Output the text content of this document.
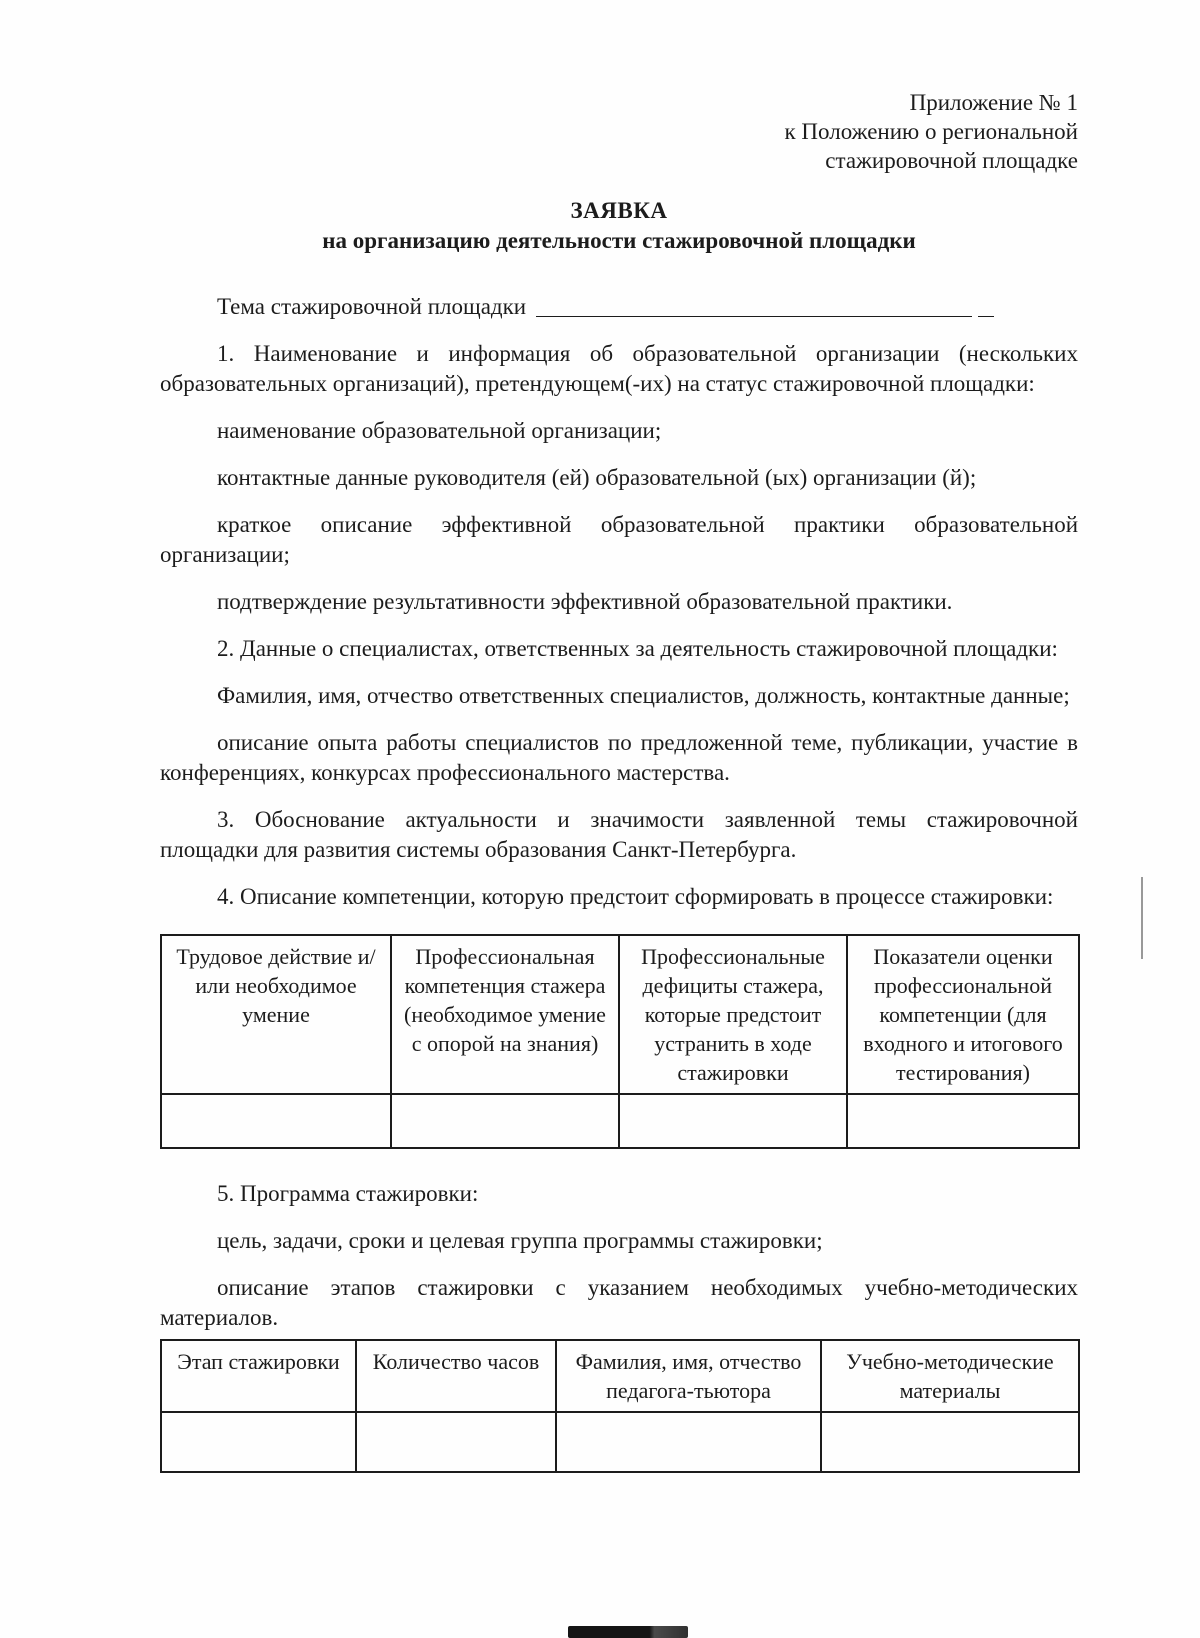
Приложение № 1
к Положению о региональной
стажировочной площадке
ЗАЯВКА
на организацию деятельности стажировочной площадки
Тема стажировочной площадки

1. Наименование и информация об образовательной организации (нескольких образовательных организаций), претендующем(-их) на статус стажировочной площадки:

наименование образовательной организации;

контактные данные руководителя (ей) образовательной (ых) организации (й);

краткое описание эффективной образовательной практики образовательной организации;

подтверждение результативности эффективной образовательной практики.

2. Данные о специалистах, ответственных за деятельность стажировочной площадки:

Фамилия, имя, отчество ответственных специалистов, должность, контактные данные;

описание опыта работы специалистов по предложенной теме, публикации, участие в конференциях, конкурсах профессионального мастерства.

3. Обоснование актуальности и значимости заявленной темы стажировочной площадки для развития системы образования Санкт-Петербурга.

4. Описание компетенции, которую предстоит сформировать в процессе стажировки:

Трудовое действие и/или необходимое умение	Профессиональная компетенция стажера (необходимое умение с опорой на знания)	Профессиональные дефициты стажера, которые предстоит устранить в ходе стажировки	Показатели оценки профессиональной компетенции (для входного и итогового тестирования)

5. Программа стажировки:

цель, задачи, сроки и целевая группа программы стажировки;

описание этапов стажировки с указанием необходимых учебно-методических материалов.

Этап стажировки	Количество часов	Фамилия, имя, отчество педагога-тьютора	Учебно-методические материалы
